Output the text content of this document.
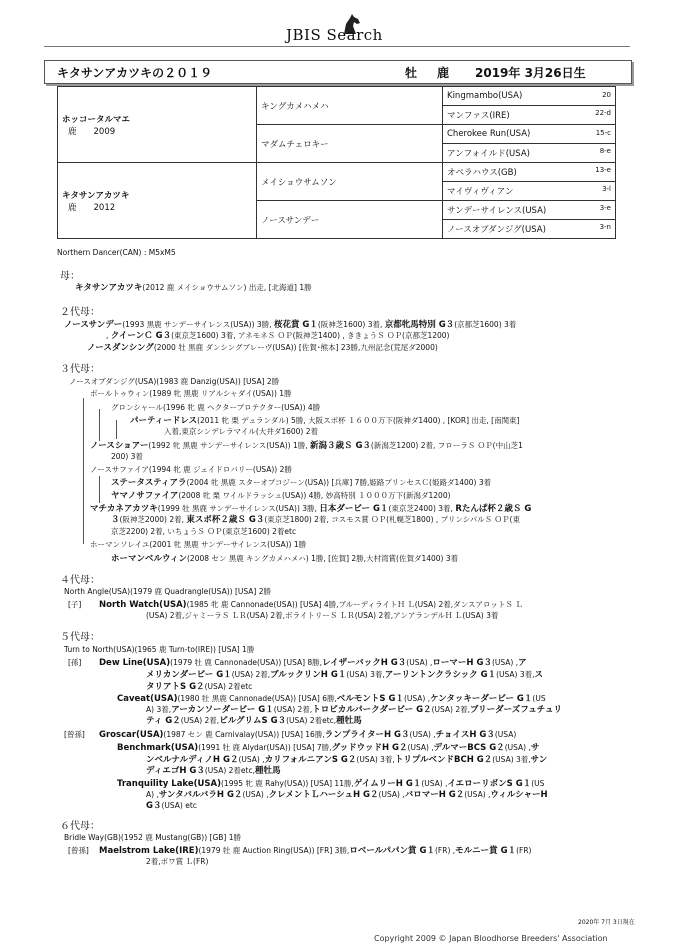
JBIS Search
キタサンアカツキの２０１９	牡　鹿 2019年 3月26日生
ホッコータルマエ
鹿　　2009	キングカメハメハ	Kingmambo(USA) 20

		マンファス(IRE) 22-d

	マダムチェロキー	Cherokee Run(USA) 15-c

		アンフォイルド(USA) 8-e

キタサンアカツキ
鹿　　2012	メイショウサムソン	オペラハウス(GB) 13-e

		マイヴィヴィアン 3-l

	ノースサンデー	サンデーサイレンス(USA) 3-e

		ノースオブダンジグ(USA) 3-n
Northern Dancer(CAN) : M5xM5
母：
キタサンアカツキ(2012 鹿 メイショウサムソン) 出走, [北海道] 1勝
２代母：
ノースサンデー(1993 黒鹿 サンデーサイレンス(USA)) 3勝, 桜花賞 G１(阪神芝1600) 3着, 京都牝馬特別 G３(京都芝1600) 3着
, クイーンＣ G３(東京芝1600) 3着, アネモネＳ ＯＰ(阪神芝1400) , ききょうＳ ＯＰ(京都芝1200)
ノースダンシング(2000 牡 黒鹿 ダンシングブレーヴ(USA)) [佐賀･熊本] 23勝,九州記念(荒尾ダ2000)
３代母：
ノースオブダンジグ(USA)(1983 鹿 Danzig(USA)) [USA] 2勝
ボールトゥウィン(1989 牝 黒鹿 リアルシャダイ(USA)) 1勝
グロンシャール(1996 牝 鹿 ヘクタープロテクター(USA)) 4勝
パーティードレス(2011 牝 栗 デュランダル) 5勝, 大阪スポ杯 １６００万下(阪神ダ1400) , [KOR] 出走, [南関東]
入着,東京シンデレラマイル(大井ダ1600) 2着
ノースショアー(1992 牝 黒鹿 サンデーサイレンス(USA)) 1勝, 新潟３歳Ｓ G３(新潟芝1200) 2着, フローラＳ ＯＰ(中山芝1
200) 3着
ノースサファイア(1994 牝 鹿 ジェイドロバリー(USA)) 2勝
ステータスティアラ(2004 牝 黒鹿 スターオブコジーン(USA)) [兵庫] 7勝,姫路プリンセスＣ(姫路ダ1400) 3着
ヤマノサファイア(2008 牝 栗 ワイルドラッシュ(USA)) 4勝, 妙高特別 １０００万下(新潟ダ1200)
マチカネアカツキ(1999 牡 黒鹿 サンデーサイレンス(USA)) 3勝, 日本ダービー G１(東京芝2400) 3着, Rたんぱ杯２歳Ｓ G
３(阪神芝2000) 2着, 東スポ杯２歳Ｓ G３(東京芝1800) 2着, コスモス賞 ＯＰ(札幌芝1800) , プリンシパルＳ ＯＰ(東
京芝2200) 2着, いちょうＳ ＯＰ(東京芝1600) 2着etc
ホーマンソレイユ(2001 牝 黒鹿 サンデーサイレンス(USA)) 1勝
ホーマンベルウィン(2008 セン 黒鹿 キングカメハメハ) 1勝, [佐賀] 2勝,大村湾賞(佐賀ダ1400) 3着
４代母：
North Angle(USA)(1979 鹿 Quadrangle(USA)) [USA] 2勝
[子] North Watch(USA)(1985 牝 鹿 Cannonade(USA)) [USA] 4勝,ブルーディライトＨ Ｌ(USA) 2着,ダンスアロットＳ Ｌ
(USA) 2着,ジャミーラＳ ＬＲ(USA) 2着,ボライトリーＳ ＬＲ(USA) 2着,アンアランデルＨ Ｌ(USA) 3着
５代母：
Turn to North(USA)(1965 鹿 Turn-to(IRE)) [USA] 1勝
[孫] Dew Line(USA)(1979 牡 鹿 Cannonade(USA)) [USA] 8勝,レイザーバックH G３(USA) ,ローマーH G３(USA) ,ア
メリカンダービー G１(USA) 2着,ブルックリンH G１(USA) 3着,アーリントンクラシック G１(USA) 3着,ス
タリアトS G２(USA) 2着etc
Caveat(USA)(1980 牡 黒鹿 Cannonade(USA)) [USA] 6勝,ベルモントS G１(USA) ,ケンタッキーダービー G１(US
A) 3着,アーカンソーダービー G１(USA) 2着,トロピカルパークダービー G２(USA) 2着,ブリーダーズフュチュリ
ティ G２(USA) 2着,ピルグリムS G３(USA) 2着etc,種牡馬
[曾孫] Groscar(USA)(1987 セン 鹿 Carnivalay(USA)) [USA] 16勝,ランプライターH G３(USA) ,チョイスH G３(USA)
Benchmark(USA)(1991 牡 鹿 Alydar(USA)) [USA] 7勝,グッドウッドH G２(USA) ,デルマーBCS G２(USA) ,サ
ンベルナルディノH G２(USA) ,カリフォルニアンS G２(USA) 3着,トリプルベンドBCH G２(USA) 3着,サン
ディエゴH G３(USA) 2着etc,種牡馬
Tranquility Lake(USA)(1995 牝 鹿 Rahy(USA)) [USA] 11勝,ゲイムリーH G１(USA) ,イエローリボンS G１(US
A) ,サンタバルバラH G２(USA) ,クレメントＬハーシュH G２(USA) ,バロマーH G２(USA) ,ウィルシャーH
G３(USA) etc
６代母：
Bridle Way(GB)(1952 鹿 Mustang(GB)) [GB] 1勝
[曾孫] Maelstrom Lake(IRE)(1979 牡 鹿 Auction Ring(USA)) [FR] 3勝,ロベールパパン賞 G１(FR) ,モルニー賞 G１(FR)
2着,ボワ賞 Ｌ(FR)
2020年 7月 3日現在
Copyright 2009 © Japan Bloodhorse Breeders' Association
